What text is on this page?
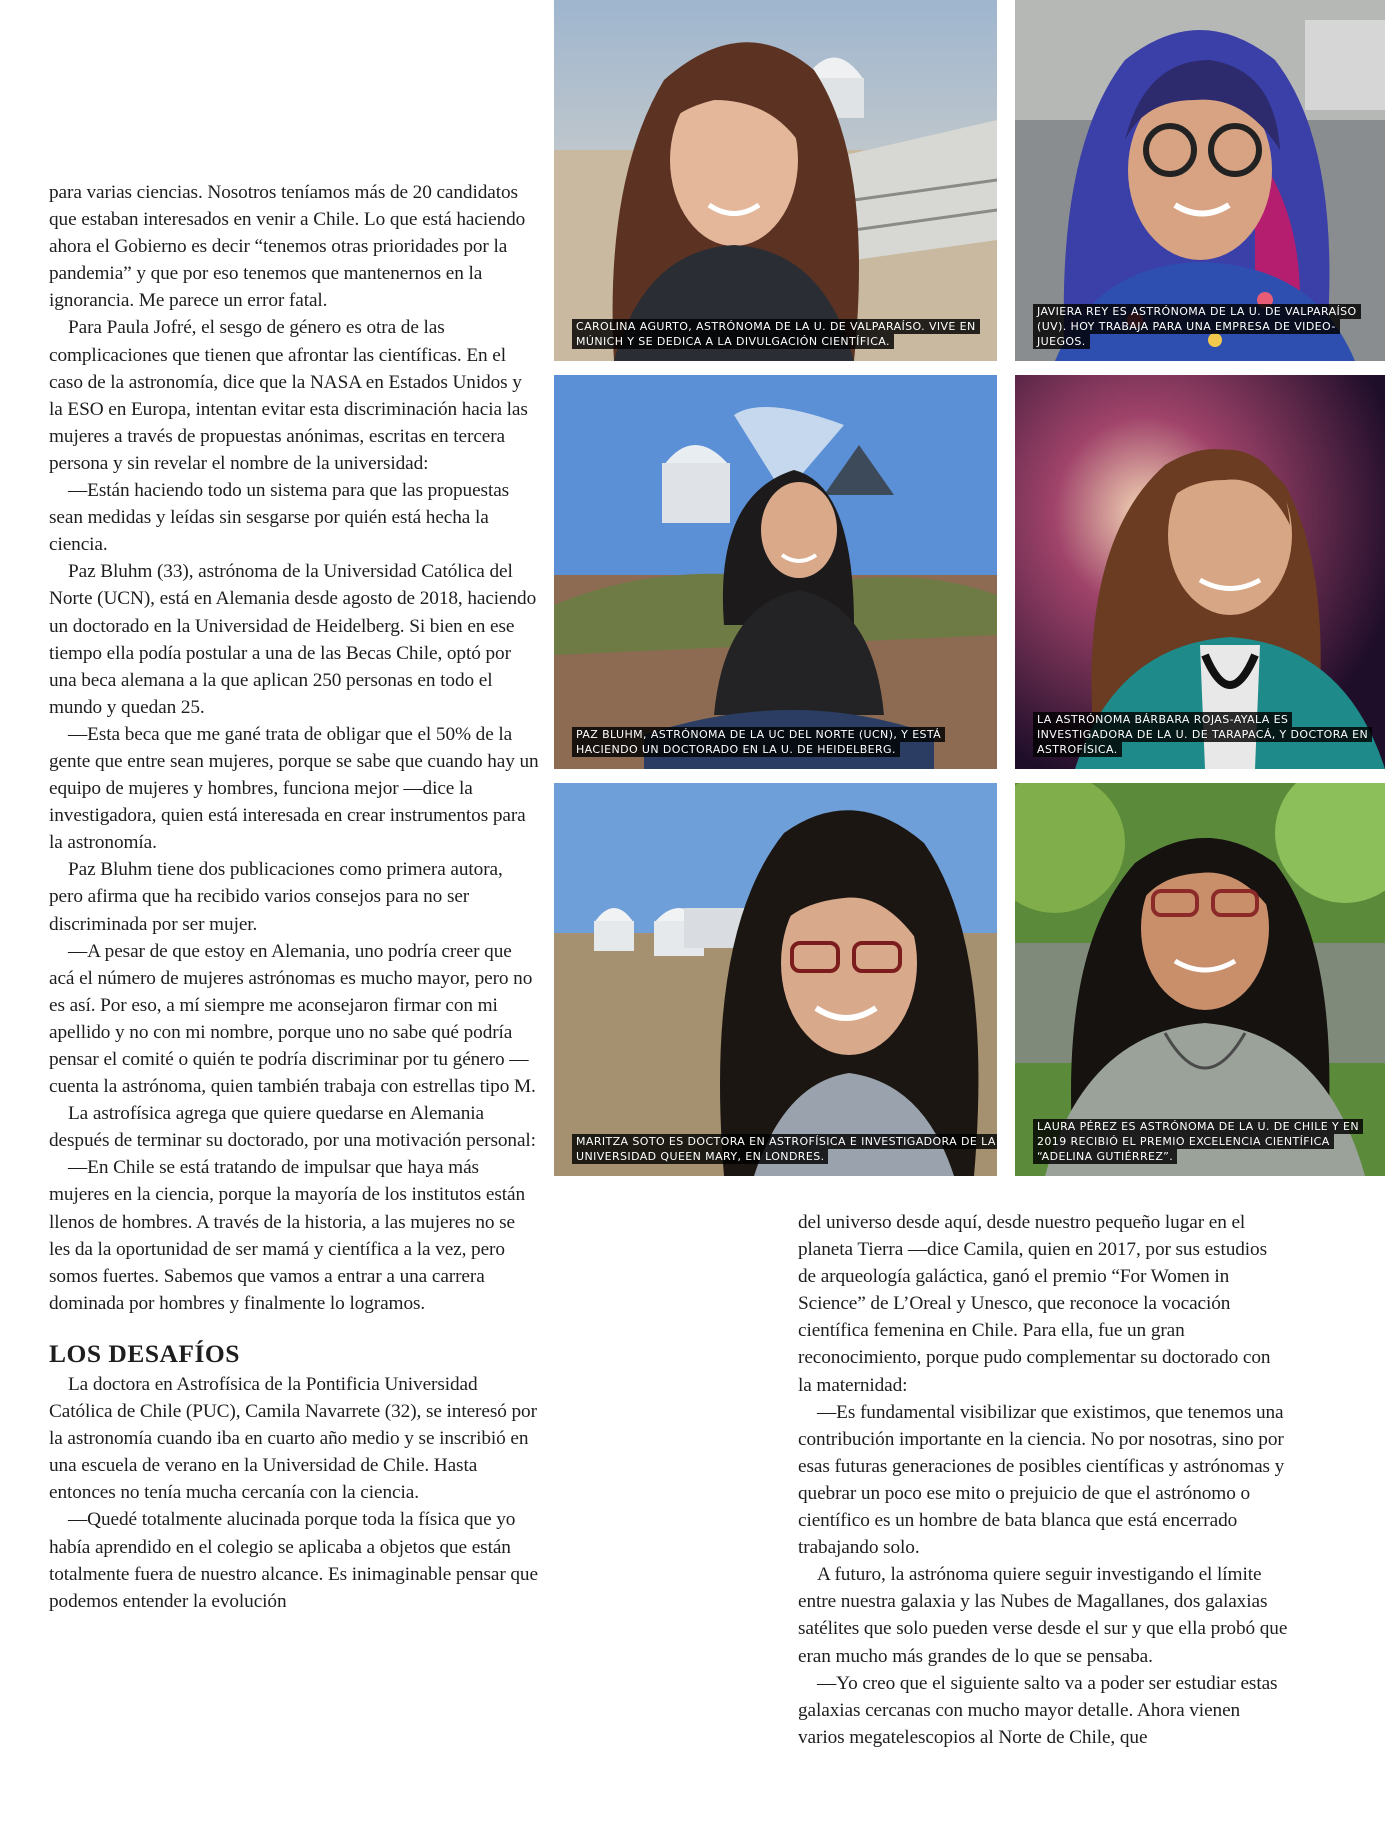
para varias ciencias. Nosotros teníamos más de 20 candidatos que estaban interesados en venir a Chile. Lo que está haciendo ahora el Gobierno es decir “tenemos otras prioridades por la pandemia” y que por eso tenemos que mantenernos en la ignorancia. Me parece un error fatal.

Para Paula Jofré, el sesgo de género es otra de las complicaciones que tienen que afrontar las científicas. En el caso de la astronomía, dice que la NASA en Estados Unidos y la ESO en Europa, intentan evitar esta discriminación hacia las mujeres a través de propuestas anónimas, escritas en tercera persona y sin revelar el nombre de la universidad:

—Están haciendo todo un sistema para que las propuestas sean medidas y leídas sin sesgarse por quién está hecha la ciencia.

Paz Bluhm (33), astrónoma de la Universidad Católica del Norte (UCN), está en Alemania desde agosto de 2018, haciendo un doctorado en la Universidad de Heidelberg. Si bien en ese tiempo ella podía postular a una de las Becas Chile, optó por una beca alemana a la que aplican 250 personas en todo el mundo y quedan 25.

—Esta beca que me gané trata de obligar que el 50% de la gente que entre sean mujeres, porque se sabe que cuando hay un equipo de mujeres y hombres, funciona mejor —dice la investigadora, quien está interesada en crear instrumentos para la astronomía.

Paz Bluhm tiene dos publicaciones como primera autora, pero afirma que ha recibido varios consejos para no ser discriminada por ser mujer.

—A pesar de que estoy en Alemania, uno podría creer que acá el número de mujeres astrónomas es mucho mayor, pero no es así. Por eso, a mí siempre me aconsejaron firmar con mi apellido y no con mi nombre, porque uno no sabe qué podría pensar el comité o quién te podría discriminar por tu género —cuenta la astrónoma, quien también trabaja con estrellas tipo M.

La astrofísica agrega que quiere quedarse en Alemania después de terminar su doctorado, por una motivación personal:

—En Chile se está tratando de impulsar que haya más mujeres en la ciencia, porque la mayoría de los institutos están llenos de hombres. A través de la historia, a las mujeres no se les da la oportunidad de ser mamá y científica a la vez, pero somos fuertes. Sabemos que vamos a entrar a una carrera dominada por hombres y finalmente lo logramos.

LOS DESAFÍOS

La doctora en Astrofísica de la Pontificia Universidad Católica de Chile (PUC), Camila Navarrete (32), se interesó por la astronomía cuando iba en cuarto año medio y se inscribió en una escuela de verano en la Universidad de Chile. Hasta entonces no tenía mucha cercanía con la ciencia.

—Quedé totalmente alucinada porque toda la física que yo había aprendido en el colegio se aplicaba a objetos que están totalmente fuera de nuestro alcance. Es inimaginable pensar que podemos entender la evolución

del universo desde aquí, desde nuestro pequeño lugar en el planeta Tierra —dice Camila, quien en 2017, por sus estudios de arqueología galáctica, ganó el premio “For Women in Science” de L’Oreal y Unesco, que reconoce la vocación científica femenina en Chile. Para ella, fue un gran reconocimiento, porque pudo complementar su doctorado con la maternidad:

—Es fundamental visibilizar que existimos, que tenemos una contribución importante en la ciencia. No por nosotras, sino por esas futuras generaciones de posibles científicas y astrónomas y quebrar un poco ese mito o prejuicio de que el astrónomo o científico es un hombre de bata blanca que está encerrado trabajando solo.

A futuro, la astrónoma quiere seguir investigando el límite entre nuestra galaxia y las Nubes de Magallanes, dos galaxias satélites que solo pueden verse desde el sur y que ella probó que eran mucho más grandes de lo que se pensaba.

—Yo creo que el siguiente salto va a poder ser estudiar estas galaxias cercanas con mucho mayor detalle. Ahora vienen varios megatelescopios al Norte de Chile, que

CAROLINA AGURTO, ASTRÓNOMA DE LA U. DE VALPARAÍSO. VIVE EN MÚNICH Y SE DEDICA A LA DIVULGACIÓN CIENTÍFICA.
JAVIERA REY ES ASTRÓNOMA DE LA U. DE VALPARAÍSO (UV). HOY TRABAJA PARA UNA EMPRESA DE VIDEO-JUEGOS.
PAZ BLUHM, ASTRÓNOMA DE LA UC DEL NORTE (UCN), Y ESTÁ HACIENDO UN DOCTORADO EN LA U. DE HEIDELBERG.
LA ASTRÓNOMA BÁRBARA ROJAS-AYALA ES INVESTIGADORA DE LA U. DE TARAPACÁ, Y DOCTORA EN ASTROFÍSICA.
MARITZA SOTO ES DOCTORA EN ASTROFÍSICA E INVESTIGADORA DE LA UNIVERSIDAD QUEEN MARY, EN LONDRES.
LAURA PÉREZ ES ASTRÓNOMA DE LA U. DE CHILE Y EN 2019 RECIBIÓ EL PREMIO EXCELENCIA CIENTÍFICA “ADELINA GUTIÉRREZ”.
